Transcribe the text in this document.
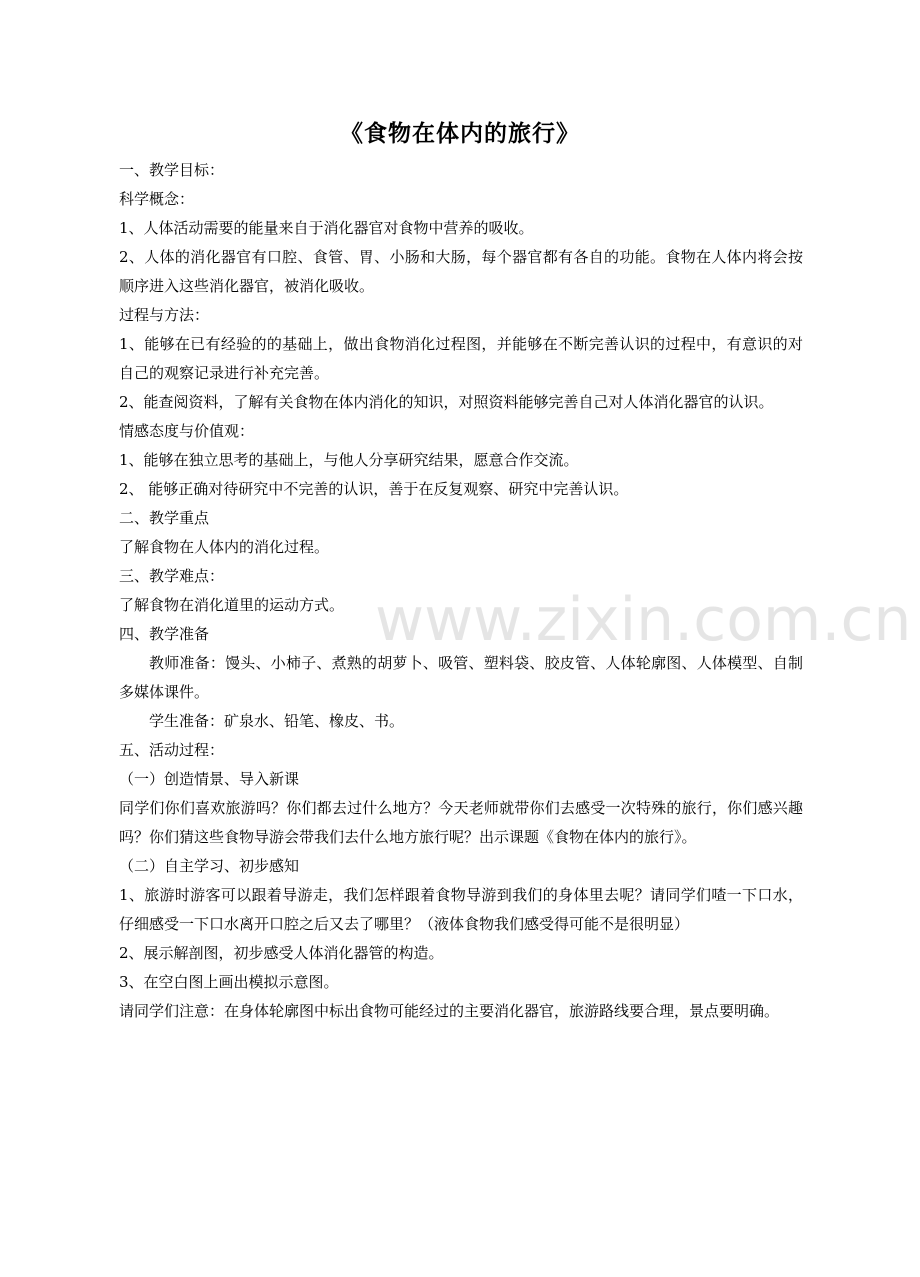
www.zixin.com.cn
《食物在体内的旅行》
一、教学目标：
科学概念：
1、人体活动需要的能量来自于消化器官对食物中营养的吸收。
2、人体的消化器官有口腔、食管、胃、小肠和大肠，每个器官都有各自的功能。食物在人体内将会按顺序进入这些消化器官，被消化吸收。
过程与方法：
1、能够在已有经验的的基础上，做出食物消化过程图，并能够在不断完善认识的过程中，有意识的对自己的观察记录进行补充完善。
2、能查阅资料，了解有关食物在体内消化的知识，对照资料能够完善自己对人体消化器官的认识。
情感态度与价值观：
1、能够在独立思考的基础上，与他人分享研究结果，愿意合作交流。
2、 能够正确对待研究中不完善的认识，善于在反复观察、研究中完善认识。
二、教学重点
了解食物在人体内的消化过程。
三、教学难点：
了解食物在消化道里的运动方式。
四、教学准备
教师准备：馒头、小柿子、煮熟的胡萝卜、吸管、塑料袋、胶皮管、人体轮廓图、人体模型、自制多媒体课件。
学生准备：矿泉水、铅笔、橡皮、书。
五、活动过程：
（一）创造情景、导入新课
同学们你们喜欢旅游吗？你们都去过什么地方？今天老师就带你们去感受一次特殊的旅行，你们感兴趣吗？你们猜这些食物导游会带我们去什么地方旅行呢？出示课题《食物在体内的旅行》。
（二）自主学习、初步感知
1、旅游时游客可以跟着导游走，我们怎样跟着食物导游到我们的身体里去呢？请同学们喳一下口水，仔细感受一下口水离开口腔之后又去了哪里？（液体食物我们感受得可能不是很明显）
2、展示解剖图，初步感受人体消化器管的构造。
3、在空白图上画出模拟示意图。
请同学们注意：在身体轮廓图中标出食物可能经过的主要消化器官，旅游路线要合理，景点要明确。
